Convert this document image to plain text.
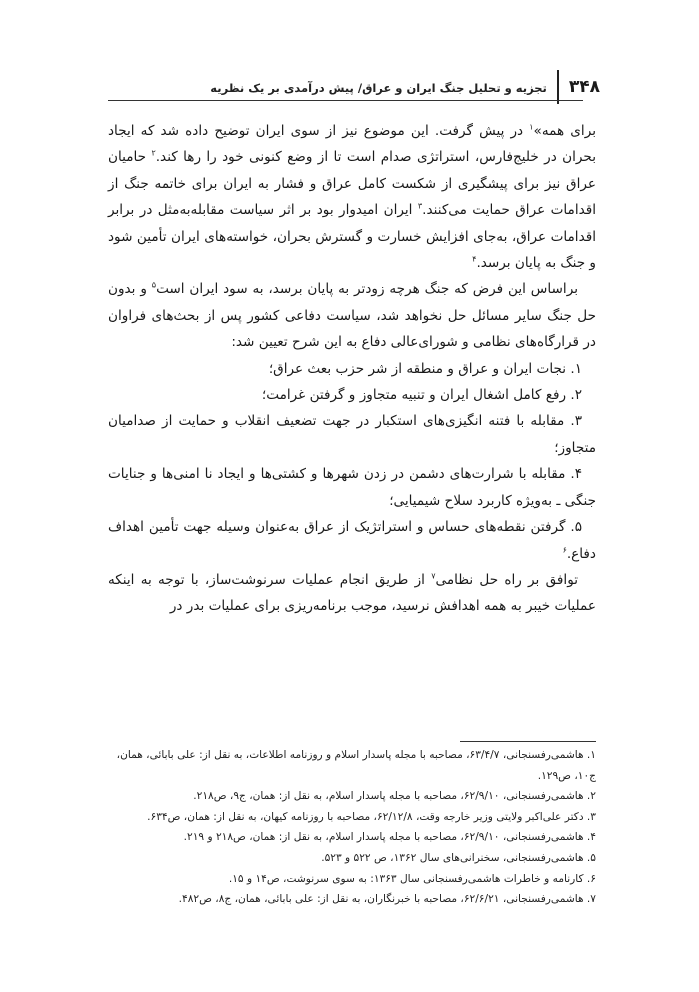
۳۴۸
تجزیه و تحلیل جنگ ایران و عراق/ پیش درآمدی بر یک نظریه

برای همه»$^۱$ در پیش گرفت. این موضوع نیز از سوی ایران توضیح داده شد که ایجاد بحران در خلیج‌فارس، استراتژی صدام است تا از وضع کنونی خود را رها کند.$^۲$ حامیان عراق نیز برای پیشگیری از شکست کامل عراق و فشار به ایران برای خاتمه جنگ از اقدامات عراق حمایت می‌کنند.$^۳$ ایران امیدوار بود بر اثر سیاست مقابله‌به‌مثل در برابر اقدامات عراق، به‌جای افزایش خسارت و گسترش بحران، خواسته‌های ایران تأمین شود و جنگ به پایان برسد.$^۴$

براساس این فرض که جنگ هرچه زودتر به پایان برسد، به سود ایران است$^۵$ و بدون حل جنگ سایر مسائل حل نخواهد شد، سیاست دفاعی کشور پس از بحث‌های فراوان در قرارگاه‌های نظامی و شورای‌عالی دفاع به این شرح تعیین شد:

۱. نجات ایران و عراق و منطقه از شر حزب بعث عراق؛

۲. رفع کامل اشغال ایران و تنبیه متجاوز و گرفتن غرامت؛

۳. مقابله با فتنه انگیزی‌های استکبار در جهت تضعیف انقلاب و حمایت از صدامیان متجاوز؛

۴. مقابله با شرارت‌های دشمن در زدن شهرها و کشتی‌ها و ایجاد نا امنی‌ها و جنایات جنگی ـ به‌ویژه کاربرد سلاح شیمیایی؛

۵. گرفتن نقطه‌های حساس و استراتژیک از عراق به‌عنوان وسیله جهت تأمین اهداف دفاع.$^۶$

توافق بر راه حل نظامی$^۷$ از طریق انجام عملیات سرنوشت‌ساز، با توجه به اینکه عملیات خیبر به همه اهدافش نرسید، موجب برنامه‌ریزی برای عملیات بدر در

۱. هاشمی‌رفسنجانی، ۶۳/۴/۷، مصاحبه با مجله پاسدار اسلام و روزنامه اطلاعات، به نقل از: علی بابائی، همان، ج۱۰، ص۱۲۹.
۲. هاشمی‌رفسنجانی، ۶۲/۹/۱۰، مصاحبه با مجله پاسدار اسلام، به نقل از: همان، ج۹، ص۲۱۸.
۳. دکتر علی‌اکبر ولایتی وزیر خارجه وقت، ۶۲/۱۲/۸، مصاحبه با روزنامه کیهان، به نقل از: همان، ص۶۳۴.
۴. هاشمی‌رفسنجانی، ۶۲/۹/۱۰، مصاحبه با مجله پاسدار اسلام، به نقل از: همان، ص۲۱۸ و ۲۱۹.
۵. هاشمی‌رفسنجانی، سخنرانی‌های سال ۱۳۶۲، ص ۵۲۲ و ۵۲۳.
۶. کارنامه و خاطرات هاشمی‌رفسنجانی سال ۱۳۶۳: به سوی سرنوشت، ص۱۴ و ۱۵.
۷. هاشمی‌رفسنجانی، ۶۲/۶/۲۱، مصاحبه با خبرنگاران، به نقل از: علی بابائی، همان، ج۸، ص۴۸۲.
